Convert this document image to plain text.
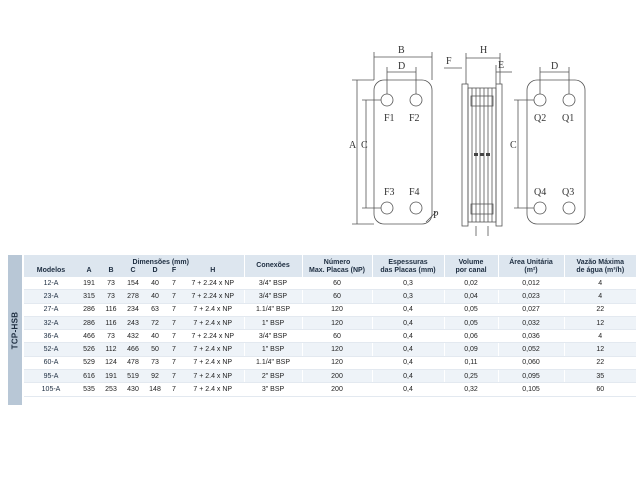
B
D
A C
F1 F2
F3 F4
P
H
F	E	D
C
Q2 Q1
Q4 Q3
TCP-HSB
Modelos	Dimensões (mm)						Conexões	Número	Espessuras	Volume	Área Unitária	Vazão Máxima
	A	B	C	D	F	H		Max. Placas (NP)	das Placas (mm)	por canal	(m²)	de água (m³/h)
12-A	191	73	154	40	7	7 + 2.24 x NP	3/4" BSP	60	0,3	0,02	0,012	4
23-A	315	73	278	40	7	7 + 2.24 x NP	3/4" BSP	60	0,3	0,04	0,023	4
27-A	286	116	234	63	7	7 + 2.4 x NP	1.1/4" BSP	120	0,4	0,05	0,027	22
32-A	286	116	243	72	7	7 + 2.4 x NP	1" BSP	120	0,4	0,05	0,032	12
36-A	466	73	432	40	7	7 + 2.24 x NP	3/4" BSP	60	0,4	0,06	0,036	4
52-A	526	112	466	50	7	7 + 2.4 x NP	1" BSP	120	0,4	0,09	0,052	12
60-A	529	124	478	73	7	7 + 2.4 x NP	1.1/4" BSP	120	0,4	0,11	0,060	22
95-A	616	191	519	92	7	7 + 2.4 x NP	2" BSP	200	0,4	0,25	0,095	35
105-A	535	253	430	148	7	7 + 2.4 x NP	3" BSP	200	0,4	0,32	0,105	60
